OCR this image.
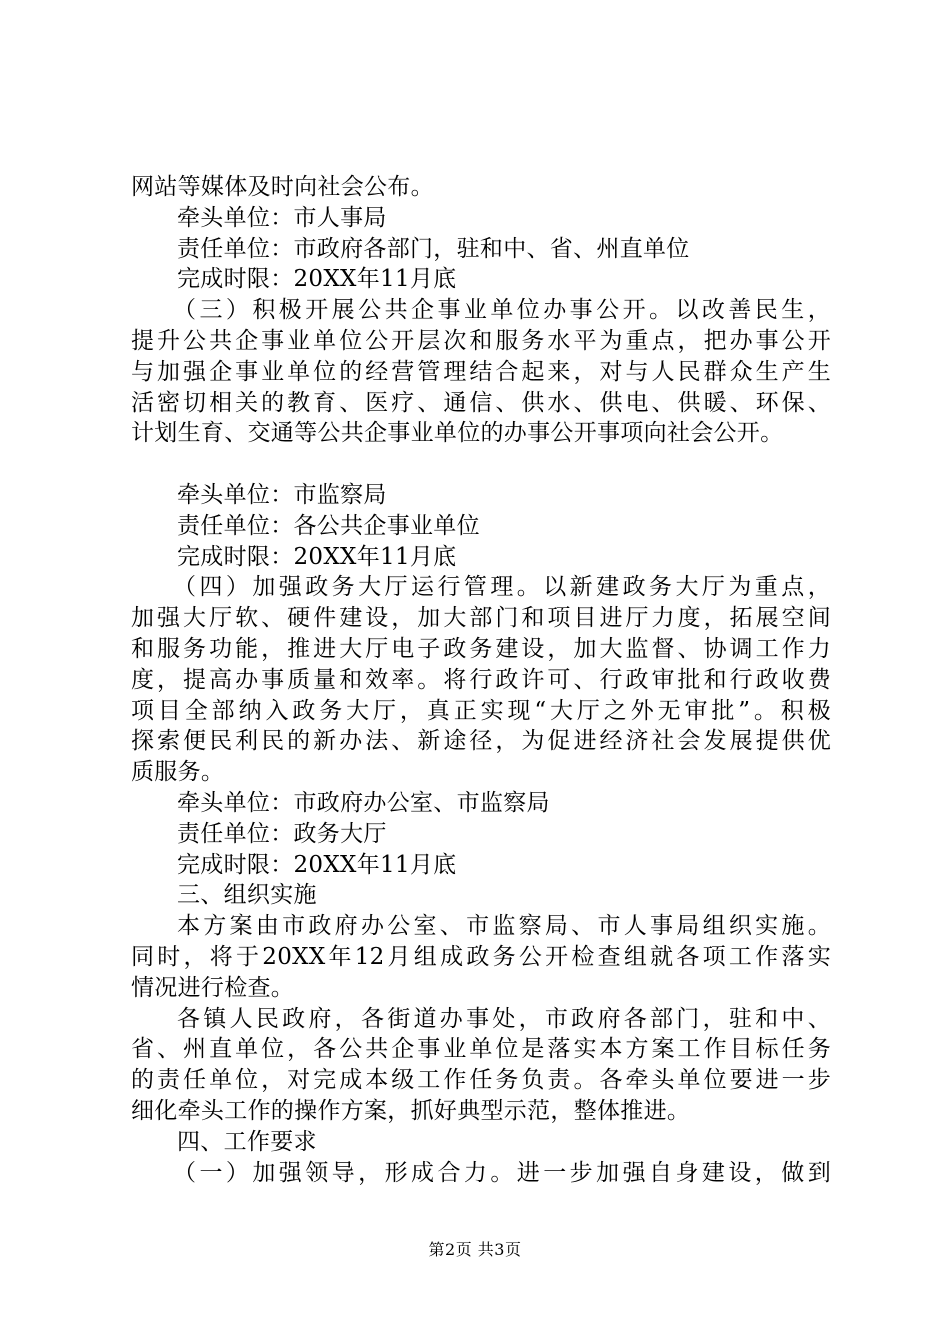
网站等媒体及时向社会公布。
牵头单位：市人事局
责任单位：市政府各部门，驻和中、省、州直单位
完成时限：20XX年11月底
（三）积极开展公共企事业单位办事公开。以改善民生，
提升公共企事业单位公开层次和服务水平为重点，把办事公开
与加强企事业单位的经营管理结合起来，对与人民群众生产生
活密切相关的教育、医疗、通信、供水、供电、供暖、环保、
计划生育、交通等公共企事业单位的办事公开事项向社会公开。
牵头单位：市监察局
责任单位：各公共企事业单位
完成时限：20XX年11月底
（四）加强政务大厅运行管理。以新建政务大厅为重点，
加强大厅软、硬件建设，加大部门和项目进厅力度，拓展空间
和服务功能，推进大厅电子政务建设，加大监督、协调工作力
度，提高办事质量和效率。将行政许可、行政审批和行政收费
项目全部纳入政务大厅，真正实现“大厅之外无审批”。积极
探索便民利民的新办法、新途径，为促进经济社会发展提供优
质服务。
牵头单位：市政府办公室、市监察局
责任单位：政务大厅
完成时限：20XX年11月底
三、组织实施
本方案由市政府办公室、市监察局、市人事局组织实施。
同时，将于20XX年12月组成政务公开检查组就各项工作落实
情况进行检查。
各镇人民政府，各街道办事处，市政府各部门，驻和中、
省、州直单位，各公共企事业单位是落实本方案工作目标任务
的责任单位，对完成本级工作任务负责。各牵头单位要进一步
细化牵头工作的操作方案，抓好典型示范，整体推进。
四、工作要求
（一）加强领导，形成合力。进一步加强自身建设，做到
第2页 共3页
